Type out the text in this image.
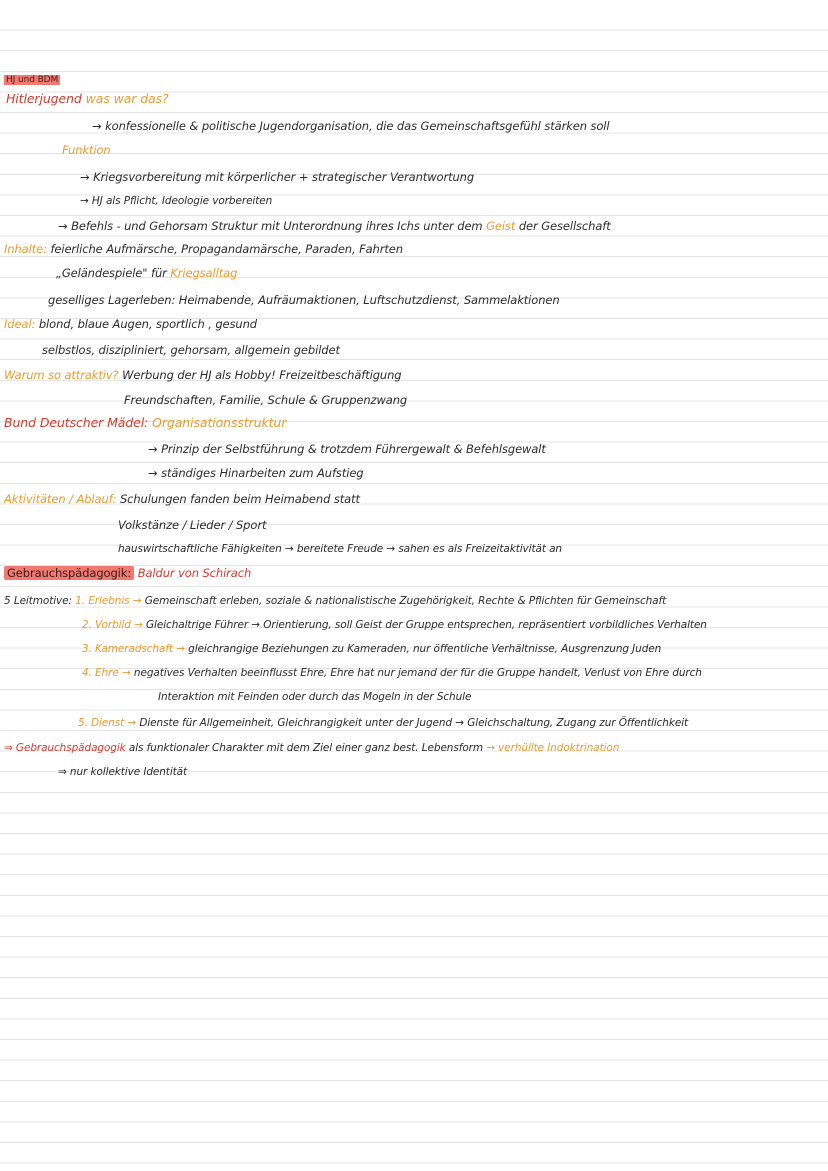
HJ und BDM
Hitlerjugend was war das?
→ konfessionelle & politische Jugendorganisation, die das Gemeinschaftsgefühl stärken soll
Funktion
→ Kriegsvorbereitung mit körperlicher + strategischer Verantwortung
→ HJ als Pflicht, Ideologie vorbereiten
→ Befehls - und Gehorsam Struktur mit Unterordnung ihres Ichs unter dem Geist der Gesellschaft
Inhalte: feierliche Aufmärsche, Propagandamärsche, Paraden, Fahrten
„Geländespiele" für Kriegsalltag
geselliges Lagerleben: Heimabende, Aufräumaktionen, Luftschutzdienst, Sammelaktionen
Ideal: blond, blaue Augen, sportlich , gesund
selbstlos, diszipliniert, gehorsam, allgemein gebildet
Warum so attraktiv? Werbung der HJ als Hobby! Freizeitbeschäftigung
Freundschaften, Familie, Schule & Gruppenzwang
Bund Deutscher Mädel: Organisationsstruktur
→ Prinzip der Selbstführung & trotzdem Führergewalt & Befehlsgewalt
→ ständiges Hinarbeiten zum Aufstieg
Aktivitäten / Ablauf: Schulungen fanden beim Heimabend statt
Volkstänze / Lieder / Sport
hauswirtschaftliche Fähigkeiten → bereitete Freude → sahen es als Freizeitaktivität an
Gebrauchspädagogik: Baldur von Schirach
5 Leitmotive: 1. Erlebnis → Gemeinschaft erleben, soziale & nationalistische Zugehörigkeit, Rechte & Pflichten für Gemeinschaft
2. Vorbild → Gleichaltrige Führer → Orientierung, soll Geist der Gruppe entsprechen, repräsentiert vorbildliches Verhalten
3. Kameradschaft → gleichrangige Beziehungen zu Kameraden, nur öffentliche Verhältnisse, Ausgrenzung Juden
4. Ehre → negatives Verhalten beeinflusst Ehre, Ehre hat nur jemand der für die Gruppe handelt, Verlust von Ehre durch
Interaktion mit Feinden oder durch das Mogeln in der Schule
5. Dienst → Dienste für Allgemeinheit, Gleichrangigkeit unter der Jugend → Gleichschaltung, Zugang zur Öffentlichkeit
⇒ Gebrauchspädagogik als funktionaler Charakter mit dem Ziel einer ganz best. Lebensform → verhüllte Indoktrination
⇒ nur kollektive Identität
